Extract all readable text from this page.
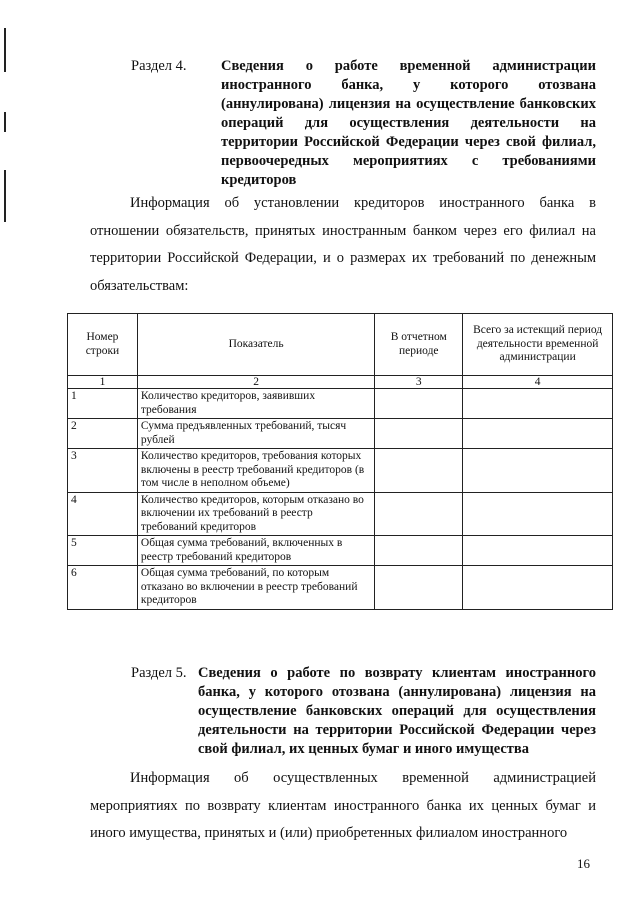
Раздел 4. Сведения о работе временной администрации иностранного банка, у которого отозвана (аннулирована) лицензия на осуществление банковских операций для осуществления деятельности на территории Российской Федерации через свой филиал, первоочередных мероприятиях с требованиями кредиторов

Информация об установлении кредиторов иностранного банка в отношении обязательств, принятых иностранным банком через его филиал на территории Российской Федерации, и о размерах их требований по денежным обязательствам:

Номер строки	Показатель	В отчетном периоде	Всего за истекщий период деятельности временной администрации
1	2	3	4
1	Количество кредиторов, заявивших требования		
2	Сумма предъявленных требований, тысяч рублей		
3	Количество кредиторов, требования которых включены в реестр требований кредиторов (в том числе в неполном объеме)		
4	Количество кредиторов, которым отказано во включении их требований в реестр требований кредиторов		
5	Общая сумма требований, включенных в реестр требований кредиторов		
6	Общая сумма требований, по которым отказано во включении в реестр требований кредиторов		
Раздел 5. Сведения о работе по возврату клиентам иностранного банка, у которого отозвана (аннулирована) лицензия на осуществление банковских операций для осуществления деятельности на территории Российской Федерации через свой филиал, их ценных бумаг и иного имущества

Информация об осуществленных временной администрацией мероприятиях по возврату клиентам иностранного банка их ценных бумаг и иного имущества, принятых и (или) приобретенных филиалом иностранного

16
